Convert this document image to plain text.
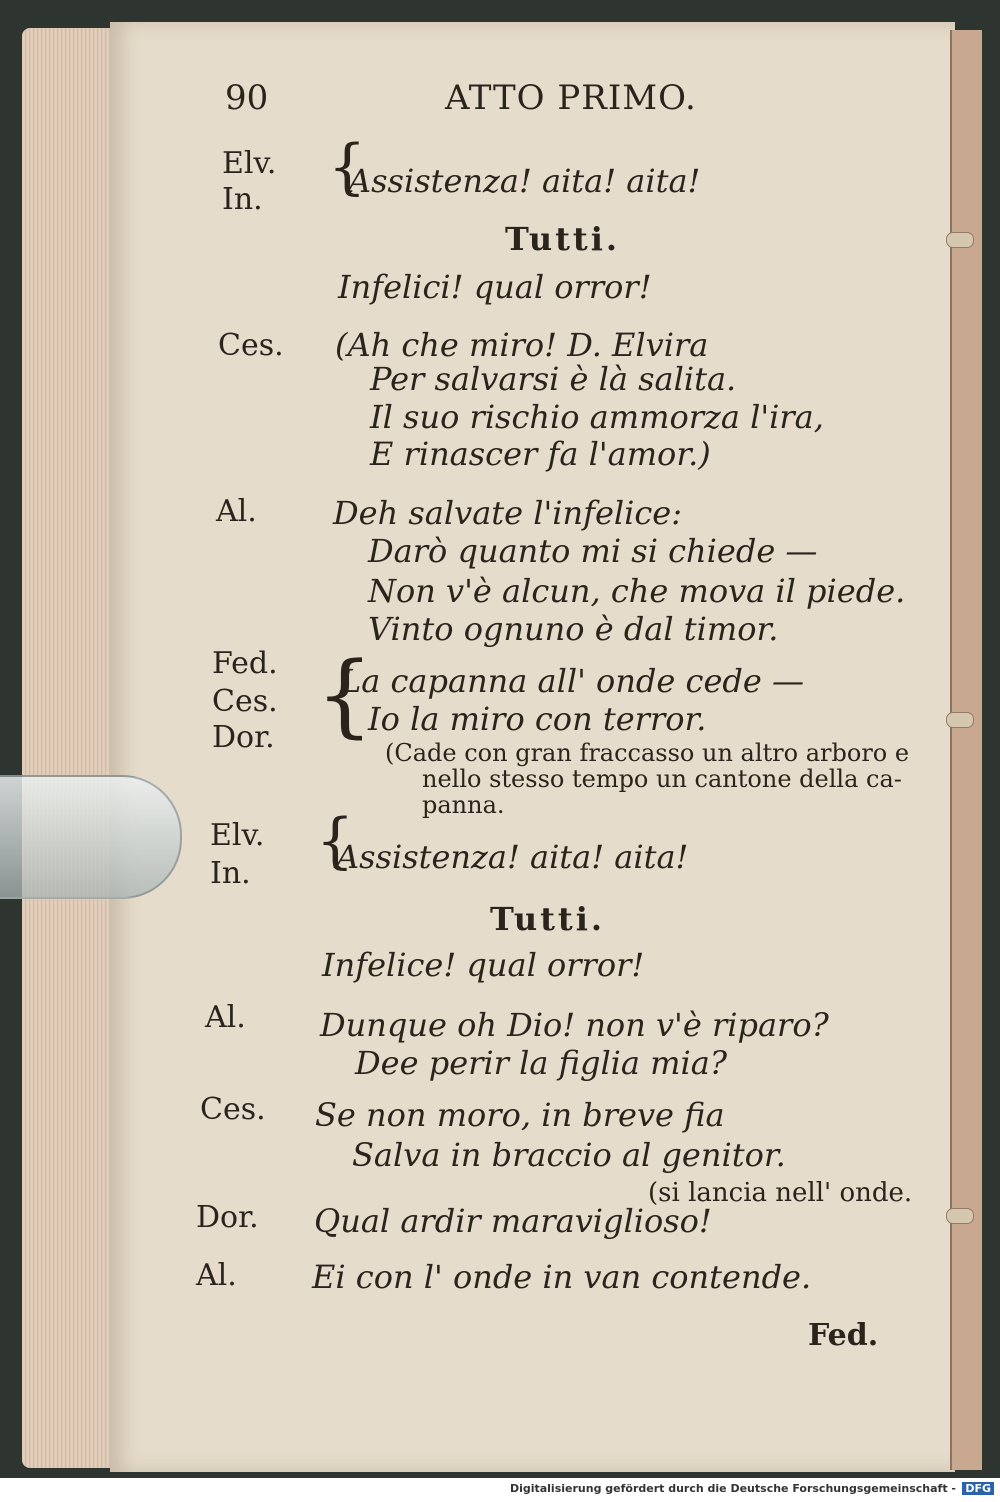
90	ATTO PRIMO.
Elv.
In. {
Assistenza! aita! aita!
Tutti.
Infelici! qual orror!
Ces. (Ah che miro! D. Elvira
Per salvarsi è là salita.
Il suo rischio ammorza l'ira,
E rinascer fa l'amor.)
Al. Deh salvate l'infelice:
Darò quanto mi si chiede —
Non v'è alcun, che mova il piede.
Vinto ognuno è dal timor.
Fed.
Ces.
Dor. {
La capanna all' onde cede —
Io la miro con terror.
(Cade con gran fraccasso un altro arboro e
nello stesso tempo un cantone della ca-
panna.
Elv.
In. {
Assistenza! aita! aita!
Tutti.
Infelice! qual orror!
Al. Dunque oh Dio! non v'è riparo?
Dee perir la figlia mia?
Ces. Se non moro, in breve fia
Salva in braccio al genitor.
(si lancia nell' onde.
Dor. Qual ardir maraviglioso!
Al. Ei con l' onde in van contende.
Fed.
Digitalisierung gefördert durch die Deutsche Forschungsgemeinschaft - DFG
